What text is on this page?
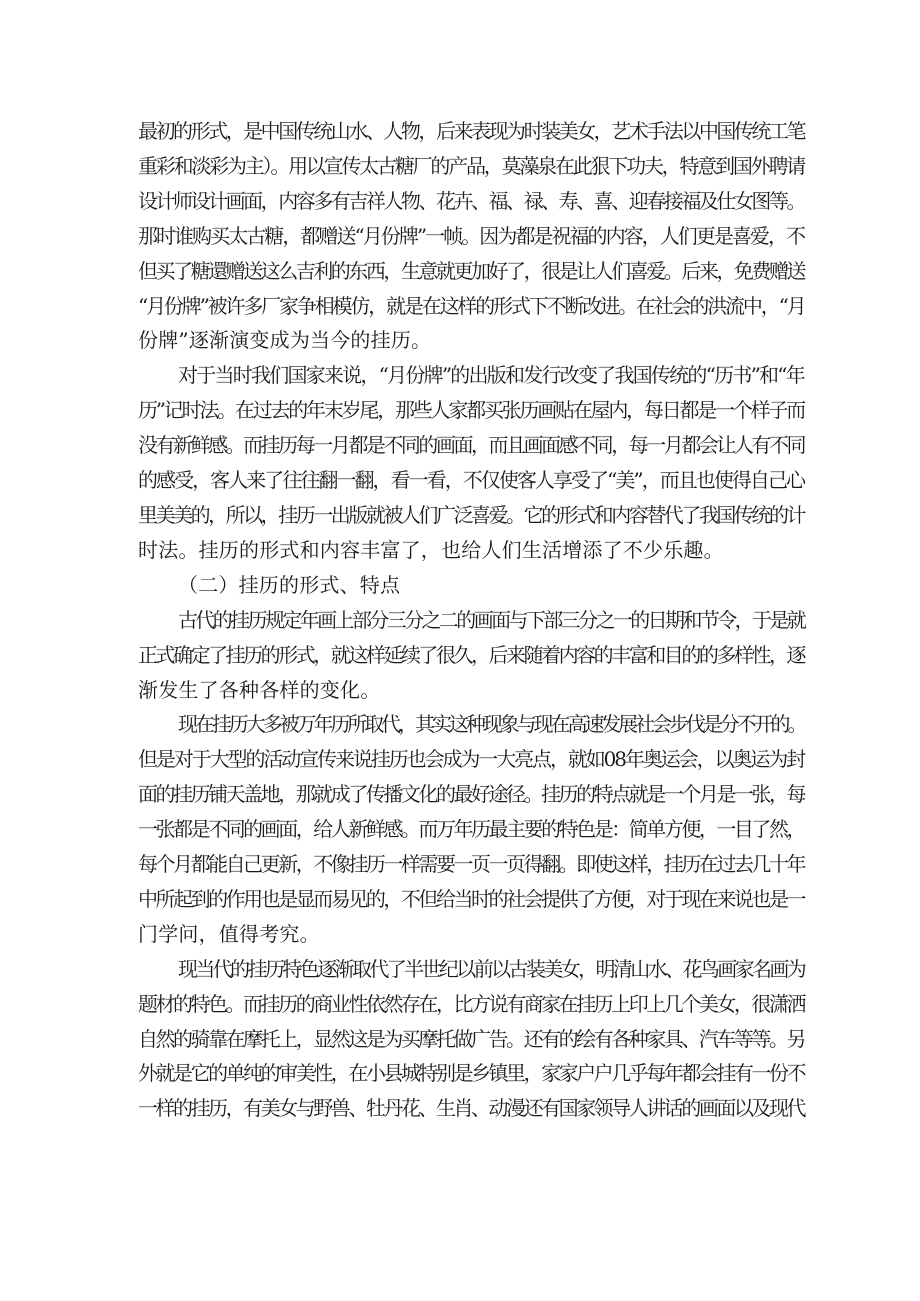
最初的形式，是中国传统山水、人物，后来表现为时装美女，艺术手法以中国传统工笔
重彩和淡彩为主）。用以宣传太古糖厂的产品，莫藻泉在此狠下功夫，特意到国外聘请
设计师设计画面，内容多有吉祥人物、花卉、福、禄、寿、喜、迎春接福及仕女图等。
那时谁购买太古糖，都赠送“月份牌”一帧。因为都是祝福的内容，人们更是喜爱，不
但买了糖還赠送这么吉利的东西，生意就更加好了，很是让人们喜爱。后来，免费赠送
“月份牌”被许多厂家争相模仿，就是在这样的形式下不断改进。在社会的洪流中，“月
份牌”逐渐演变成为当今的挂历。
对于当时我们国家来说，“月份牌”的出版和发行改变了我国传统的“历书”和“年
历”记时法。在过去的年末岁尾，那些人家都买张历画贴在屋内，每日都是一个样子而
没有新鲜感。而挂历每一月都是不同的画面，而且画面感不同，每一月都会让人有不同
的感受，客人来了往往翻一翻，看一看，不仅使客人享受了“美”，而且也使得自己心
里美美的，所以，挂历一出版就被人们广泛喜爱。它的形式和内容替代了我国传统的计
时法。挂历的形式和内容丰富了，也给人们生活增添了不少乐趣。
（二）挂历的形式、特点
古代的挂历规定年画上部分三分之二的画面与下部三分之一的日期和节令，于是就
正式确定了挂历的形式，就这样延续了很久，后来随着内容的丰富和目的的多样性，逐
渐发生了各种各样的变化。
现在挂历大多被万年历所取代，其实这种现象与现在高速发展社会步伐是分不开的。
但是对于大型的活动宣传来说挂历也会成为一大亮点，就如08年奥运会，以奥运为封
面的挂历铺天盖地，那就成了传播文化的最好途径。挂历的特点就是一个月是一张，每
一张都是不同的画面，给人新鲜感。而万年历最主要的特色是：简单方便，一目了然，
每个月都能自己更新，不像挂历一样需要一页一页得翻。即使这样，挂历在过去几十年
中所起到的作用也是显而易见的，不但给当时的社会提供了方便，对于现在来说也是一
门学问，值得考究。
现当代的挂历特色逐渐取代了半世纪以前以古装美女，明清山水、花鸟画家名画为
题材的特色。而挂历的商业性依然存在，比方说有商家在挂历上印上几个美女，很潇洒
自然的骑靠在摩托上，显然这是为买摩托做广告。还有的绘有各种家具、汽车等等。另
外就是它的单纯的审美性，在小县城特别是乡镇里，家家户户几乎每年都会挂有一份不
一样的挂历，有美女与野兽、牡丹花、生肖、动漫还有国家领导人讲话的画面以及现代
